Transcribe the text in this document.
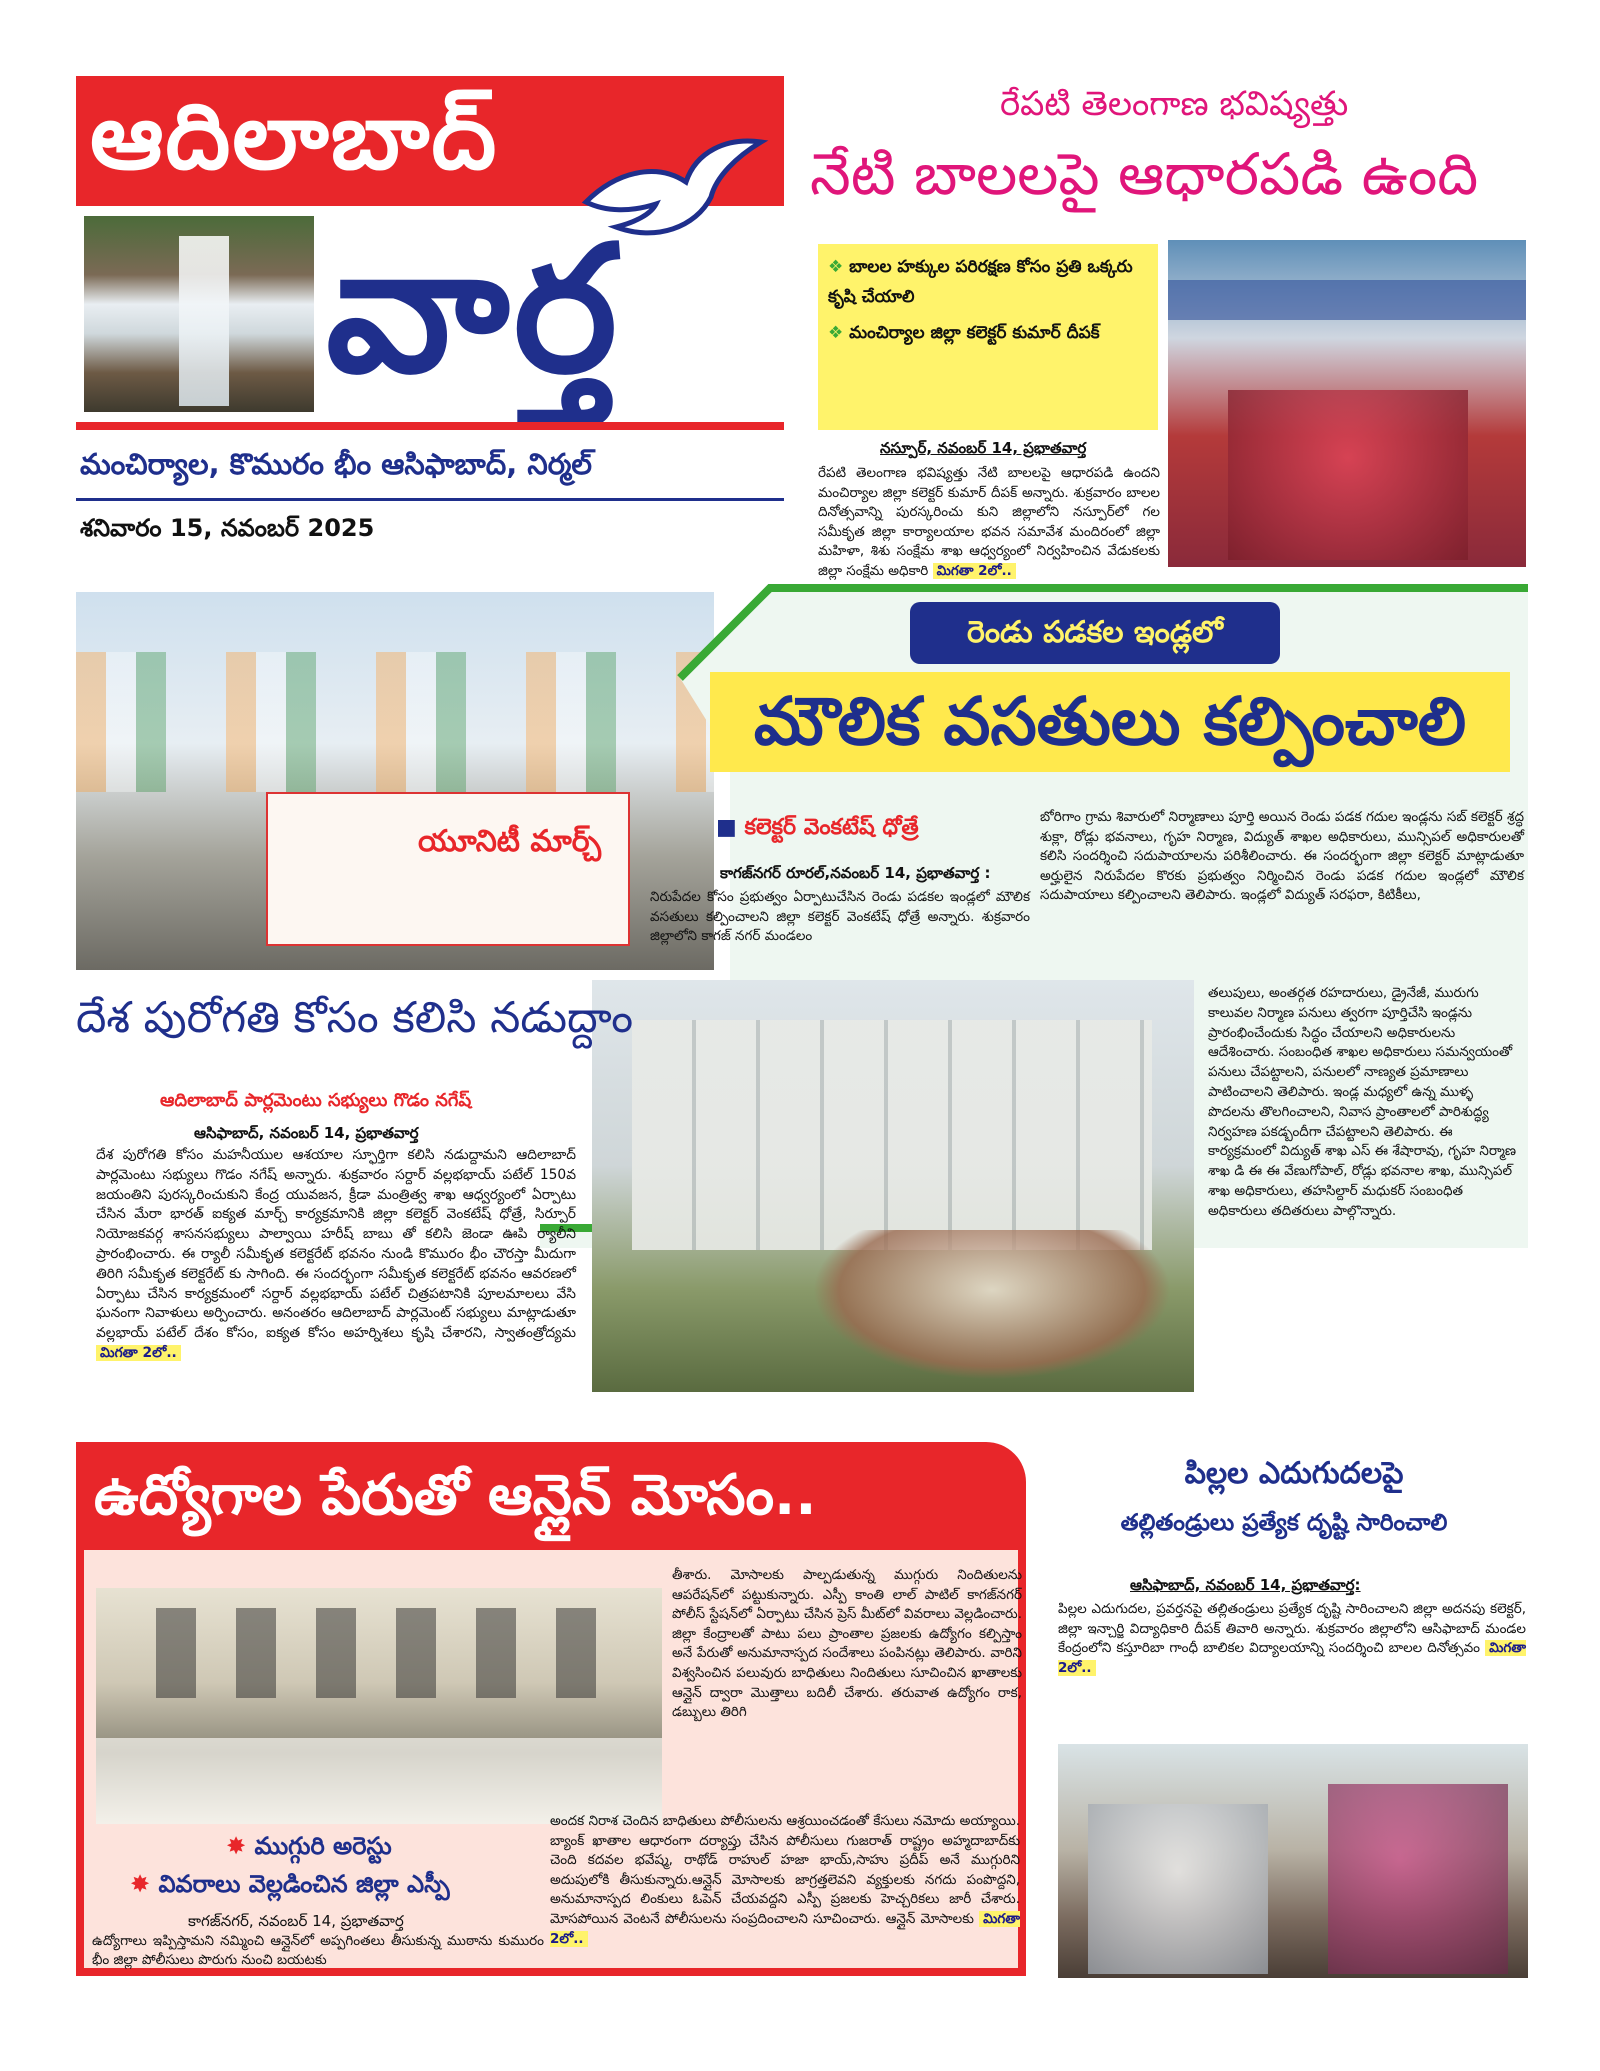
ఆదిలాబాద్
వార్త
మంచిర్యాల, కొమురం భీం ఆసిఫాబాద్, నిర్మల్
శనివారం 15, నవంబర్ 2025
రేపటి తెలంగాణ భవిష్యత్తు
నేటి బాలలపై ఆధారపడి ఉంది
❖ బాలల హక్కుల పరిరక్షణ కోసం ప్రతి ఒక్కరు కృషి చేయాలి
❖ మంచిర్యాల జిల్లా కలెక్టర్ కుమార్ దీపక్
నస్పూర్, నవంబర్ 14, ప్రభాతవార్త

రేపటి తెలంగాణ భవిష్యత్తు నేటి బాలలపై ఆధారపడి ఉందని మంచిర్యాల జిల్లా కలెక్టర్ కుమార్ దీపక్ అన్నారు. శుక్రవారం బాలల దినోత్సవాన్ని పురస్కరించు కుని జిల్లాలోని నస్పూర్‌లో గల సమీకృత జిల్లా కార్యాలయాల భవన సమావేశ మందిరంలో జిల్లా మహిళా, శిశు సంక్షేమ శాఖ ఆధ్వర్యంలో నిర్వహించిన వేడుకలకు జిల్లా సంక్షేమ అధికారి మిగతా 2లో..

యూనిటీ మార్చ్
రెండు పడకల ఇండ్లలో
మౌలిక వసతులు కల్పించాలి
■ కలెక్టర్ వెంకటేష్ ధోత్రే
కాగజ్‌నగర్ రూరల్,నవంబర్ 14, ప్రభాతవార్త :

నిరుపేదల కోసం ప్రభుత్వం ఏర్పాటుచేసిన రెండు పడకల ఇండ్లలో మౌలిక వసతులు కల్పించాలని జిల్లా కలెక్టర్ వెంకటేష్ ధోత్రే అన్నారు. శుక్రవారం జిల్లాలోని కాగజ్ నగర్ మండలం

బోరిగాం గ్రామ శివారులో నిర్మాణాలు పూర్తి అయిన రెండు పడక గదుల ఇండ్లను సబ్ కలెక్టర్ శ్రద్ధ శుక్లా, రోడ్లు భవనాలు, గృహ నిర్మాణ, విద్యుత్ శాఖల అధికారులు, మున్సిపల్ అధికారులతో కలిసి సందర్శించి సదుపాయాలను పరిశీలించారు. ఈ సందర్భంగా జిల్లా కలెక్టర్ మాట్లాడుతూ అర్హులైన నిరుపేదల కొరకు ప్రభుత్వం నిర్మించిన రెండు పడక గదుల ఇండ్లలో మౌలిక సదుపాయాలు కల్పించాలని తెలిపారు. ఇండ్లలో విద్యుత్ సరఫరా, కిటికీలు,

తలుపులు, అంతర్గత రహదారులు, డ్రైనేజీ, మురుగు కాలువల నిర్మాణ పనులు త్వరగా పూర్తిచేసి ఇండ్లను ప్రారంభించేందుకు సిద్ధం చేయాలని అధికారులను ఆదేశించారు. సంబంధిత శాఖల అధికారులు సమన్వయంతో పనులు చేపట్టాలని, పనులలో నాణ్యత ప్రమాణాలు పాటించాలని తెలిపారు. ఇండ్ల మధ్యలో ఉన్న ముళ్ళ పొదలను తొలగించాలని, నివాస ప్రాంతాలలో పారిశుద్ధ్య నిర్వహణ పకడ్బందీగా చేపట్టాలని తెలిపారు. ఈ కార్యక్రమంలో విద్యుత్ శాఖ ఎస్ ఈ శేషారావు, గృహ నిర్మాణ శాఖ డి ఈ ఈ వేణుగోపాల్, రోడ్లు భవనాల శాఖ, మున్సిపల్ శాఖ అధికారులు, తహసిల్దార్ మధుకర్ సంబంధిత అధికారులు తదితరులు పాల్గొన్నారు.

దేశ పురోగతి కోసం కలిసి నడుద్దాం
ఆదిలాబాద్ పార్లమెంటు సభ్యులు గొడం నగేష్
ఆసిఫాబాద్, నవంబర్ 14, ప్రభాతవార్త

దేశ పురోగతి కోసం మహనీయుల ఆశయాల స్ఫూర్తిగా కలిసి నడుద్దామని ఆదిలాబాద్ పార్లమెంటు సభ్యులు గొడం నగేష్ అన్నారు. శుక్రవారం సర్దార్ వల్లభభాయ్ పటేల్ 150వ జయంతిని పురస్కరించుకుని కేంద్ర యువజన, క్రీడా మంత్రిత్వ శాఖ ఆధ్వర్యంలో ఏర్పాటు చేసిన మేరా భారత్ ఐక్యత మార్చ్ కార్యక్రమానికి జిల్లా కలెక్టర్ వెంకటేష్ ధోత్రే, సిర్పూర్ నియోజకవర్గ శాసనసభ్యులు పాల్వాయి హరీష్ బాబు తో కలిసి జెండా ఊపి ర్యాలీని ప్రారంభించారు. ఈ ర్యాలీ సమీకృత కలెక్టరేట్ భవనం నుండి కొమురం భీం చౌరస్తా మీదుగా తిరిగి సమీకృత కలెక్టరేట్ కు సాగింది. ఈ సందర్భంగా సమీకృత కలెక్టరేట్ భవనం ఆవరణలో ఏర్పాటు చేసిన కార్యక్రమంలో సర్దార్ వల్లభభాయ్ పటేల్ చిత్రపటానికి పూలమాలలు వేసి ఘనంగా నివాళులు అర్పించారు. అనంతరం ఆదిలాబాద్ పార్లమెంట్ సభ్యులు మాట్లాడుతూ వల్లభాయ్ పటేల్ దేశం కోసం, ఐక్యత కోసం అహర్నిశలు కృషి చేశారని, స్వాతంత్రోద్యమ మిగతా 2లో..

ఉద్యోగాల పేరుతో ఆన్లైన్ మోసం..
✸ ముగ్గురి అరెస్టు
✸ వివరాలు వెల్లడించిన జిల్లా ఎస్పీ
కాగజ్‌నగర్, నవంబర్ 14, ప్రభాతవార్త

ఉద్యోగాలు ఇప్పిస్తామని నమ్మించి ఆన్లైన్‌లో అప్పగింతలు తీసుకున్న ముఠాను కుమురం భీం జిల్లా పోలీసులు పొరుగు నుంచి బయటకు

తీశారు. మోసాలకు పాల్పడుతున్న ముగ్గురు నిందితులను ఆపరేషన్‌లో పట్టుకున్నారు. ఎస్పీ కాంతి లాల్ పాటిల్ కాగజ్‌నగర్ పోలీస్ స్టేషన్‌లో ఏర్పాటు చేసిన ప్రెస్ మీట్‌లో వివరాలు వెల్లడించారు. జిల్లా కేంద్రాలతో పాటు పలు ప్రాంతాల ప్రజలకు ఉద్యోగం కల్పిస్తాం అనే పేరుతో అనుమానాస్పద సందేశాలు పంపినట్లు తెలిపారు. వారిని విశ్వసించిన పలువురు బాధితులు నిందితులు సూచించిన ఖాతాలకు ఆన్లైన్ ద్వారా మొత్తాలు బదిలీ చేశారు. తరువాత ఉద్యోగం రాక, డబ్బులు తిరిగి

అందక నిరాశ చెందిన బాధితులు పోలీసులను ఆశ్రయించడంతో కేసులు నమోదు అయ్యాయి. బ్యాంక్ ఖాతాల ఆధారంగా దర్యాప్తు చేసిన పోలీసులు గుజరాత్ రాష్ట్రం అహ్మదాబాద్‌కు చెంది కదవల భవేష్మ, రాథోడ్ రాహుల్ హజా భాయ్,సాహు ప్రదీప్ అనే ముగ్గురిని అదుపులోకి తీసుకున్నారు.ఆన్లైన్ మోసాలకు జాగ్రత్తలెవని వ్యక్తులకు నగదు పంపొద్దని, అనుమానాస్పద లింకులు ఓపెన్ చేయవద్దని ఎస్పీ ప్రజలకు హెచ్చరికలు జారీ చేశారు. మోసపోయిన వెంటనే పోలీసులను సంప్రదించాలని సూచించారు. ఆన్లైన్ మోసాలకు మిగతా 2లో..

పిల్లల ఎదుగుదలపై
తల్లితండ్రులు ప్రత్యేక దృష్టి సారించాలి
ఆసిఫాబాద్, నవంబర్ 14, ప్రభాతవార్త:

పిల్లల ఎదుగుదల, ప్రవర్తనపై తల్లితండ్రులు ప్రత్యేక దృష్టి సారించాలని జిల్లా అదనపు కలెక్టర్, జిల్లా ఇన్చార్జి విద్యాధికారి దీపక్ తివారి అన్నారు. శుక్రవారం జిల్లాలోని ఆసిఫాబాద్ మండల కేంద్రంలోని కస్తూరిబా గాంధీ బాలికల విద్యాలయాన్ని సందర్శించి బాలల దినోత్సవం మిగతా 2లో..
